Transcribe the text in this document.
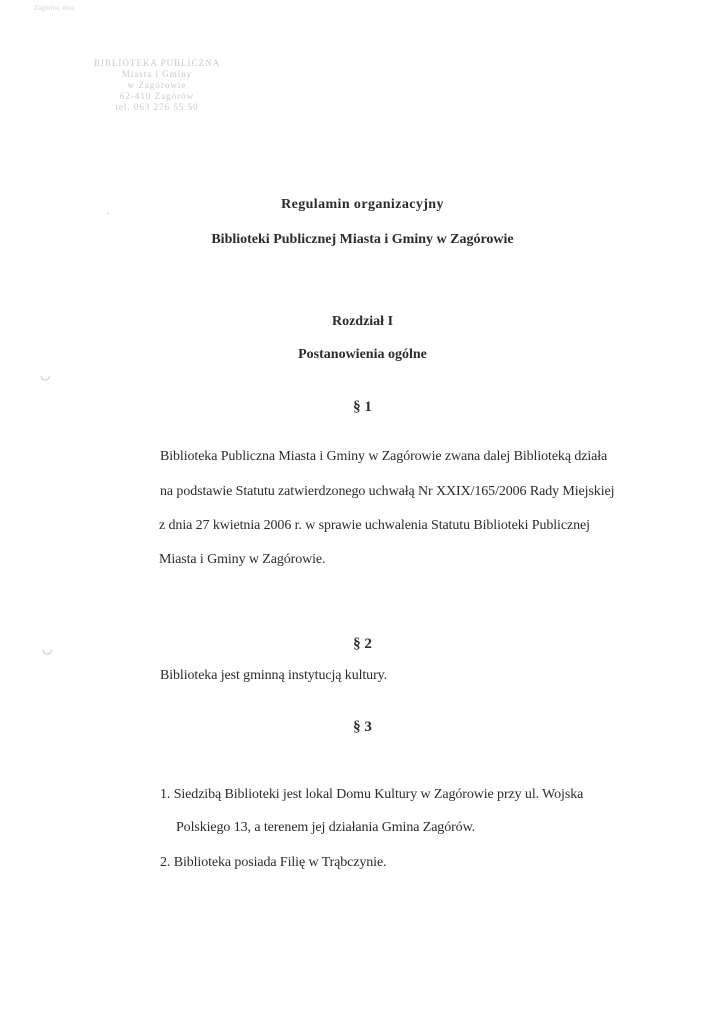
Zagórów, dnia
BIBLIOTEKA PUBLICZNA
Miasta i Gminy
w Zagórowie
62-410 Zagórów
tel. 063 276 55 50
·
◡
◡
Regulamin organizacyjny
Biblioteki Publicznej Miasta i Gminy w Zagórowie
Rozdział I
Postanowienia ogólne
§ 1
Biblioteka Publiczna Miasta i Gminy w Zagórowie zwana dalej Biblioteką działa
na podstawie Statutu zatwierdzonego uchwałą Nr XXIX/165/2006 Rady Miejskiej
z dnia 27 kwietnia 2006 r. w sprawie uchwalenia Statutu Biblioteki Publicznej
Miasta i Gminy w Zagórowie.
§ 2
Biblioteka jest gminną instytucją kultury.
§ 3
1. Siedzibą Biblioteki jest lokal Domu Kultury w Zagórowie przy ul. Wojska
Polskiego 13, a terenem jej działania Gmina Zagórów.
2. Biblioteka posiada Filię w Trąbczynie.
